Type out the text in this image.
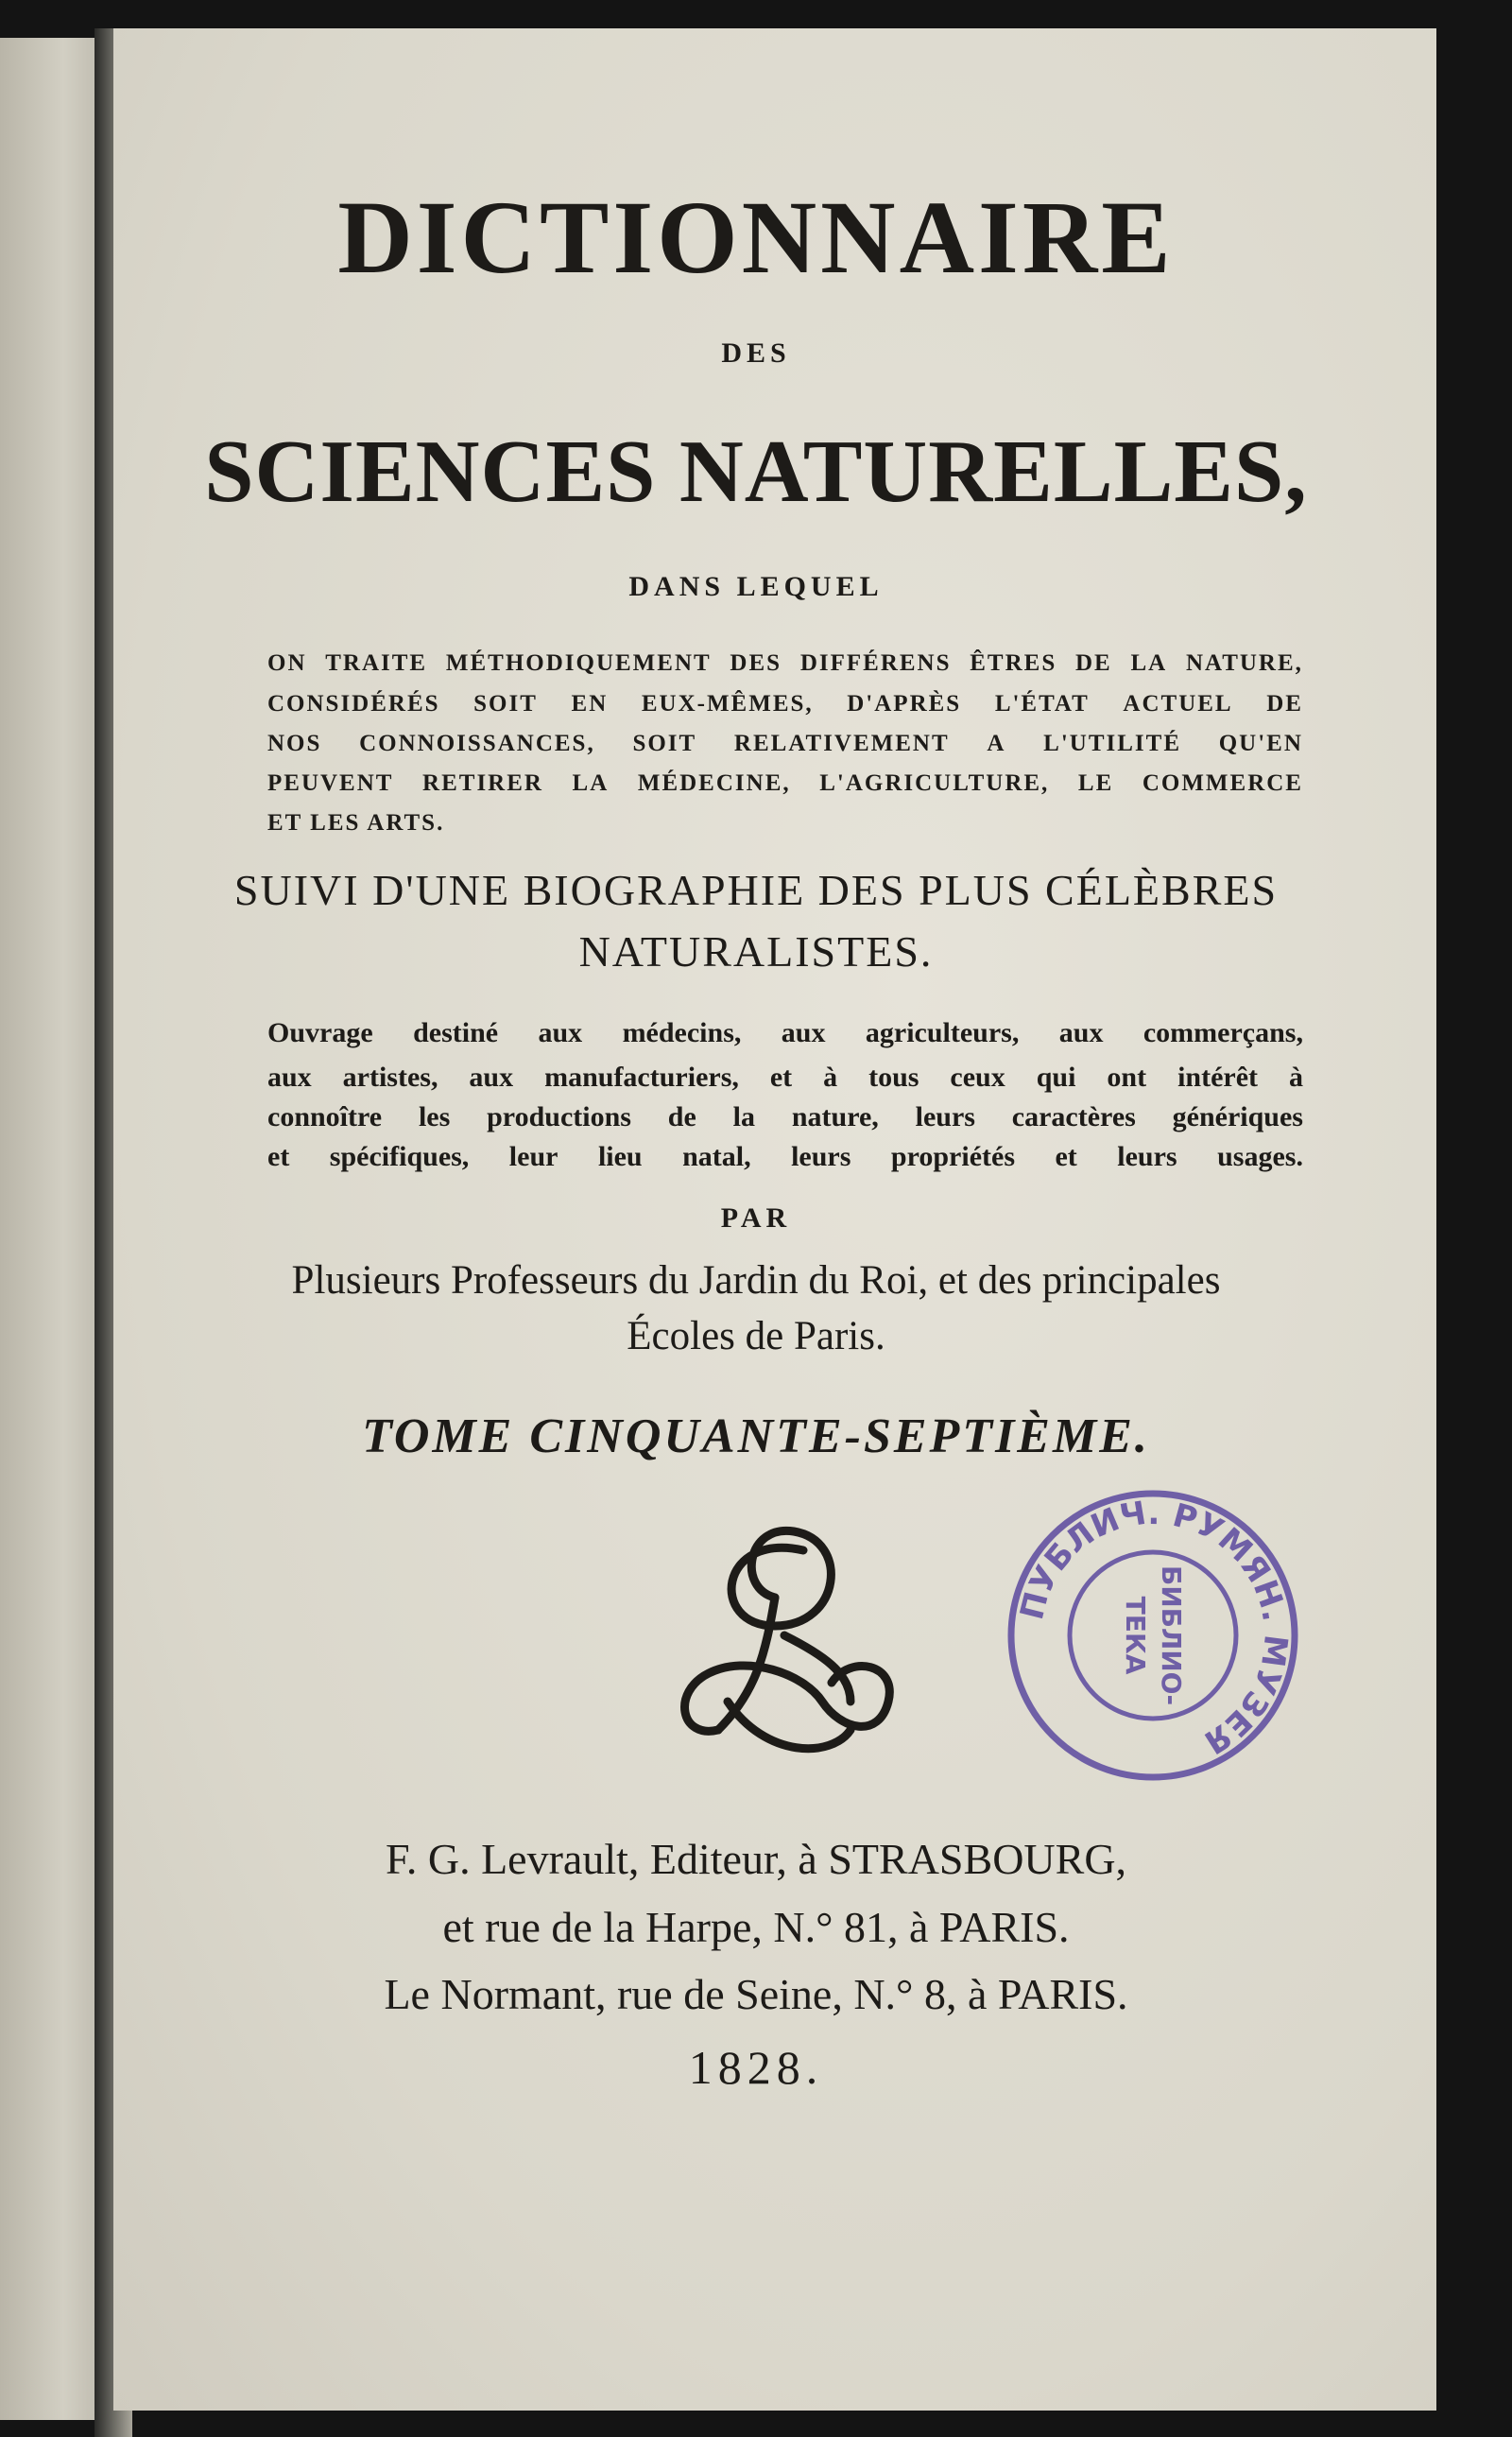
DICTIONNAIRE
DES
SCIENCES NATURELLES,
DANS LEQUEL
ON TRAITE MÉTHODIQUEMENT DES DIFFÉRENS ÊTRES DE LA NATURE,
CONSIDÉRÉS SOIT EN EUX-MÊMES, D'APRÈS L'ÉTAT ACTUEL DE
NOS CONNOISSANCES, SOIT RELATIVEMENT A L'UTILITÉ QU'EN
PEUVENT RETIRER LA MÉDECINE, L'AGRICULTURE, LE COMMERCE
ET LES ARTS.
SUIVI D'UNE BIOGRAPHIE DES PLUS CÉLÈBRES
NATURALISTES.
Ouvrage destiné aux médecins, aux agriculteurs, aux commerçans,
aux artistes, aux manufacturiers, et à tous ceux qui ont intérêt à
connoître les productions de la nature, leurs caractères génériques
et spécifiques, leur lieu natal, leurs propriétés et leurs usages.
PAR
Plusieurs Professeurs du Jardin du Roi, et des principales
Écoles de Paris.
TOME CINQUANTE-SEPTIÈME.
ПУБЛИЧ. РУМЯН. МУЗЕЯ
БИБЛИО-
ТЕКА
F. G. Levrault, Editeur, à STRASBOURG,
et rue de la Harpe, N.° 81, à PARIS.
Le Normant, rue de Seine, N.° 8, à PARIS.
1828.
